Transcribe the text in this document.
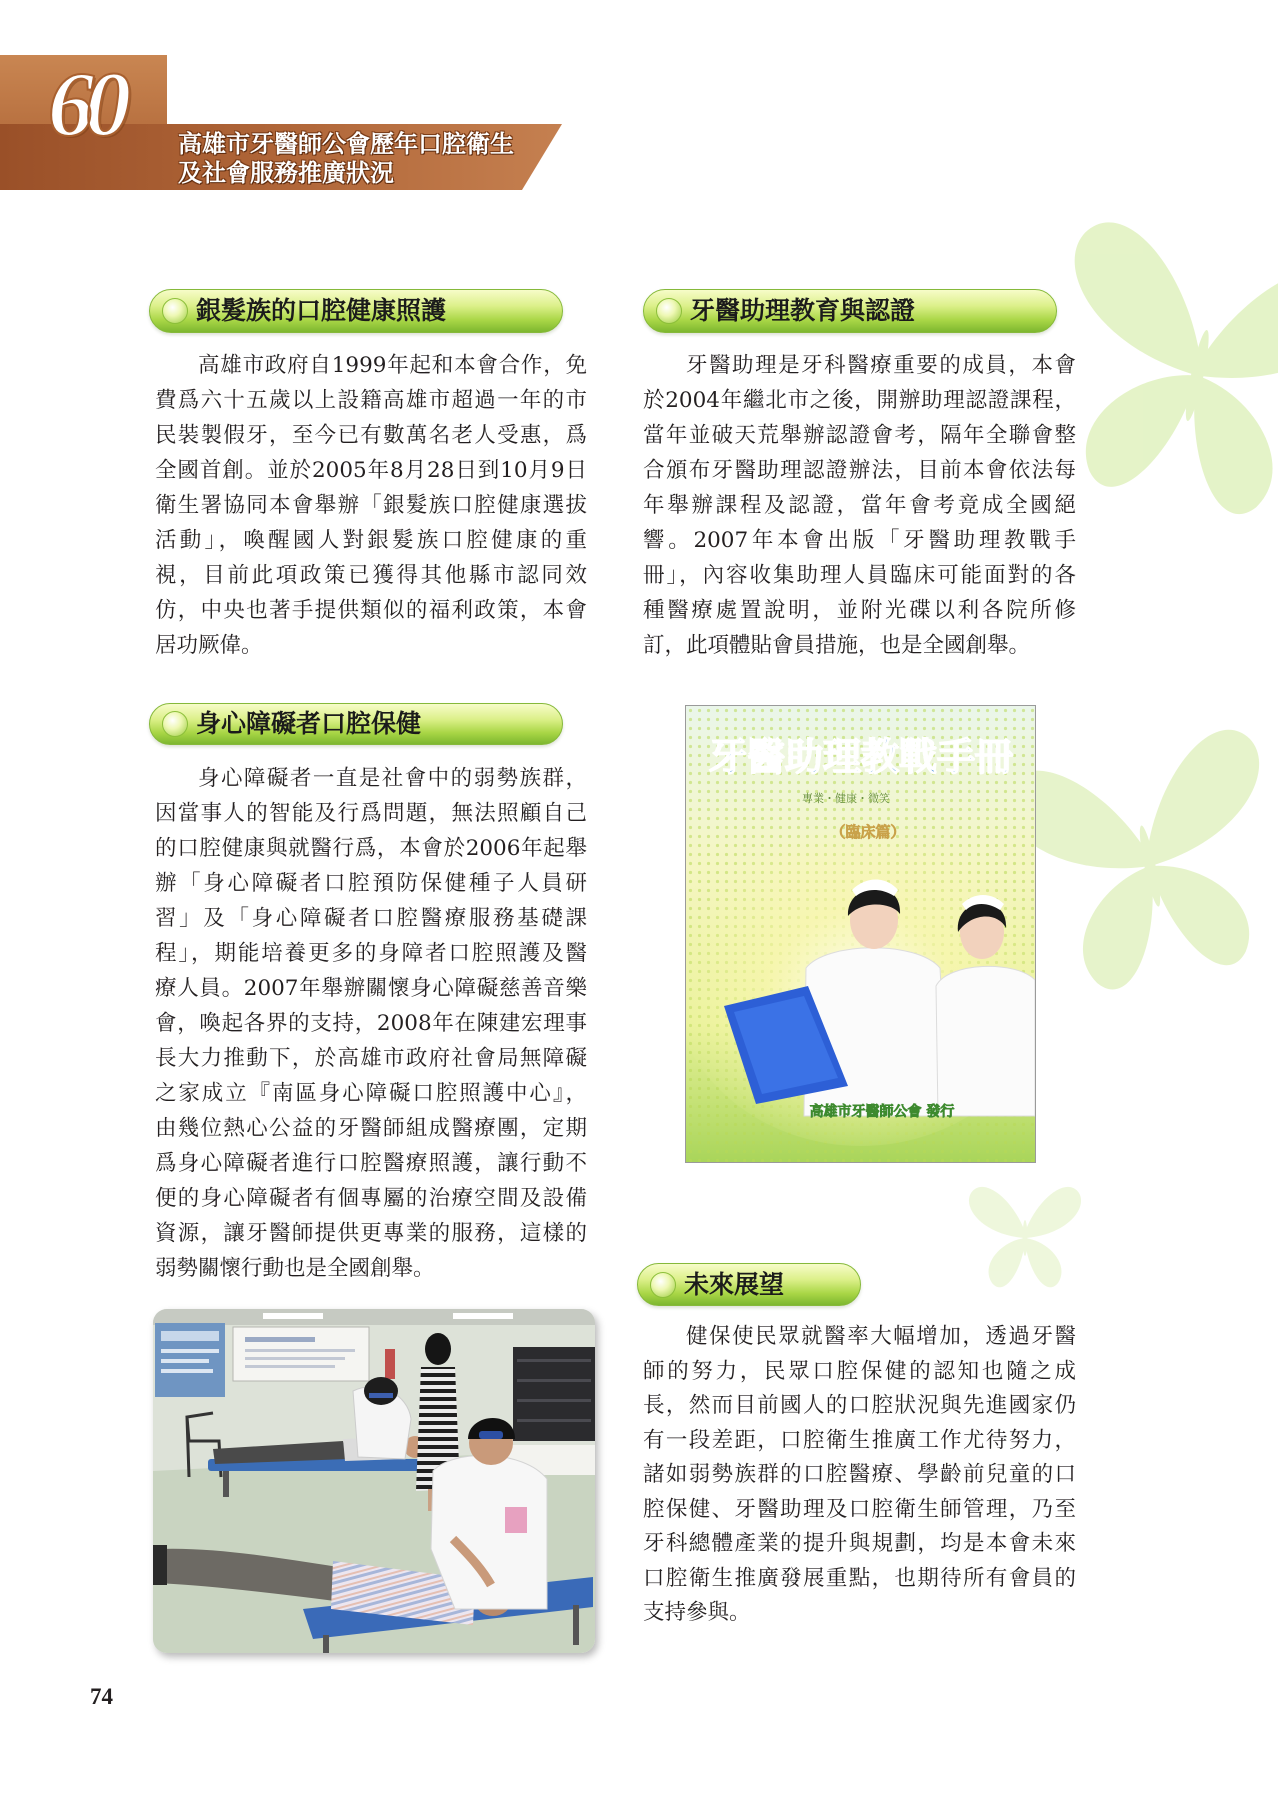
60 高雄市牙醫師公會歷年口腔衛生
及社會服務推廣狀況
銀髮族的口腔健康照護
高雄市政府自1999年起和本會合作，免
費爲六十五歲以上設籍高雄市超過一年的市
民裝製假牙，至今已有數萬名老人受惠，爲
全國首創。並於2005年8月28日到10月9日
衛生署協同本會舉辦「銀髮族口腔健康選拔
活動」，喚醒國人對銀髮族口腔健康的重
視，目前此項政策已獲得其他縣市認同效
仿，中央也著手提供類似的福利政策，本會
居功厥偉。
身心障礙者口腔保健
身心障礙者一直是社會中的弱勢族群，
因當事人的智能及行爲問題，無法照顧自己
的口腔健康與就醫行爲，本會於2006年起舉
辦「身心障礙者口腔預防保健種子人員研
習」及「身心障礙者口腔醫療服務基礎課
程」，期能培養更多的身障者口腔照護及醫
療人員。2007年舉辦關懷身心障礙慈善音樂
會，喚起各界的支持，2008年在陳建宏理事
長大力推動下，於高雄市政府社會局無障礙
之家成立『南區身心障礙口腔照護中心』，
由幾位熱心公益的牙醫師組成醫療團，定期
爲身心障礙者進行口腔醫療照護，讓行動不
便的身心障礙者有個專屬的治療空間及設備
資源，讓牙醫師提供更專業的服務，這樣的
弱勢關懷行動也是全國創舉。
牙醫助理教育與認證
牙醫助理是牙科醫療重要的成員，本會
於2004年繼北市之後，開辦助理認證課程，
當年並破天荒舉辦認證會考，隔年全聯會整
合頒布牙醫助理認證辦法，目前本會依法每
年舉辦課程及認證，當年會考竟成全國絕
響。2007年本會出版「牙醫助理教戰手
冊」，內容收集助理人員臨床可能面對的各
種醫療處置說明，並附光碟以利各院所修
訂，此項體貼會員措施，也是全國創舉。
牙醫助理教戰手冊
專業・健康・微笑
（臨床篇）
高雄市牙醫師公會 發行
未來展望
健保使民眾就醫率大幅增加，透過牙醫
師的努力，民眾口腔保健的認知也隨之成
長，然而目前國人的口腔狀況與先進國家仍
有一段差距，口腔衛生推廣工作尤待努力，
諸如弱勢族群的口腔醫療、學齡前兒童的口
腔保健、牙醫助理及口腔衛生師管理，乃至
牙科總體產業的提升與規劃，均是本會未來
口腔衛生推廣發展重點，也期待所有會員的
支持參與。
74
